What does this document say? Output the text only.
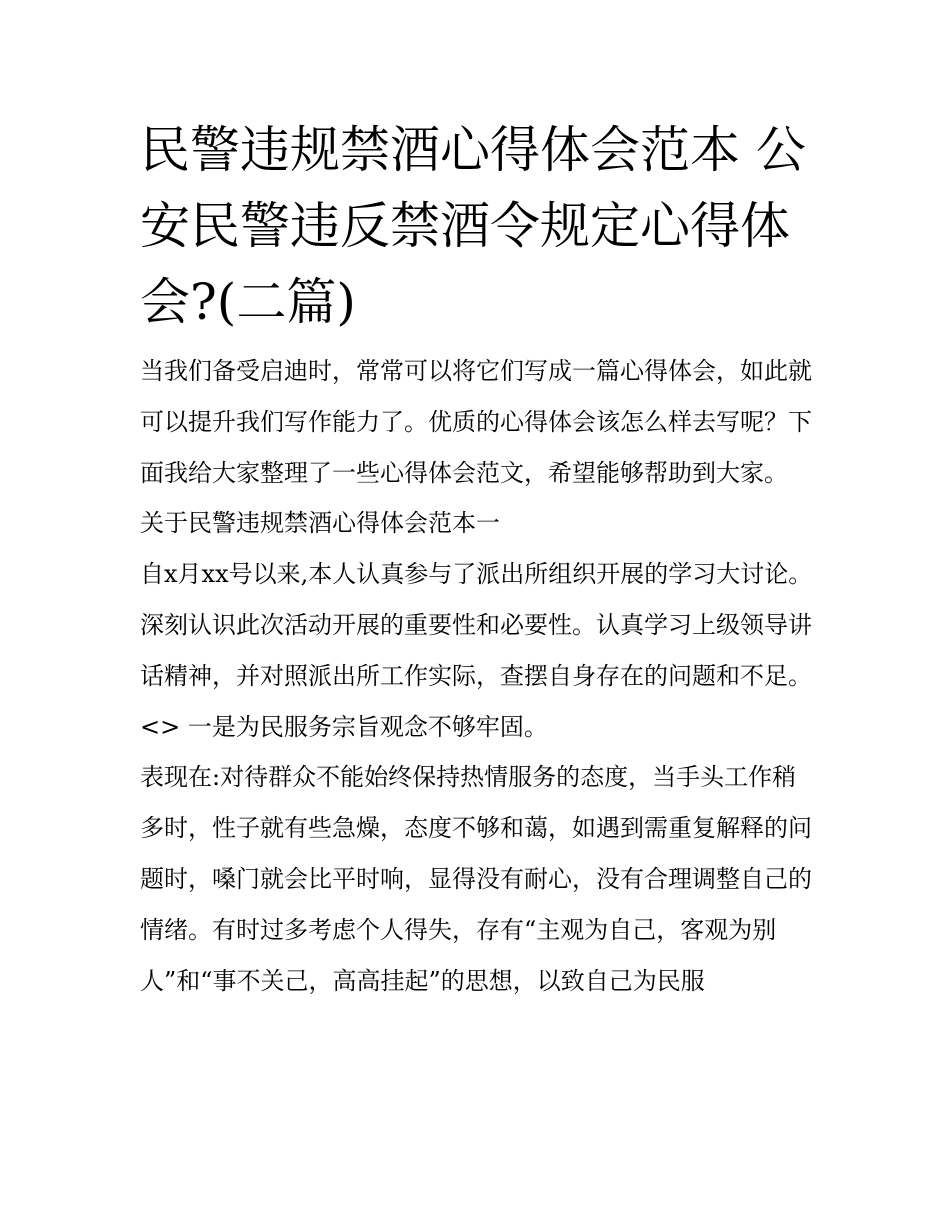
民警违规禁酒心得体会范本 公安民警违反禁酒令规定心得体会?(二篇)

当我们备受启迪时，常常可以将它们写成一篇心得体会，如此就可以提升我们写作能力了。优质的心得体会该怎么样去写呢？下面我给大家整理了一些心得体会范文，希望能够帮助到大家。

关于民警违规禁酒心得体会范本一

自x月xx号以来,本人认真参与了派出所组织开展的学习大讨论。深刻认识此次活动开展的重要性和必要性。认真学习上级领导讲话精神，并对照派出所工作实际，查摆自身存在的问题和不足。

<> 一是为民服务宗旨观念不够牢固。

表现在:对待群众不能始终保持热情服务的态度，当手头工作稍多时，性子就有些急燥，态度不够和蔼，如遇到需重复解释的问题时，嗓门就会比平时响，显得没有耐心，没有合理调整自己的情绪。有时过多考虑个人得失，存有“主观为自己，客观为别人”和“事不关己，高高挂起”的思想，以致自己为民服
